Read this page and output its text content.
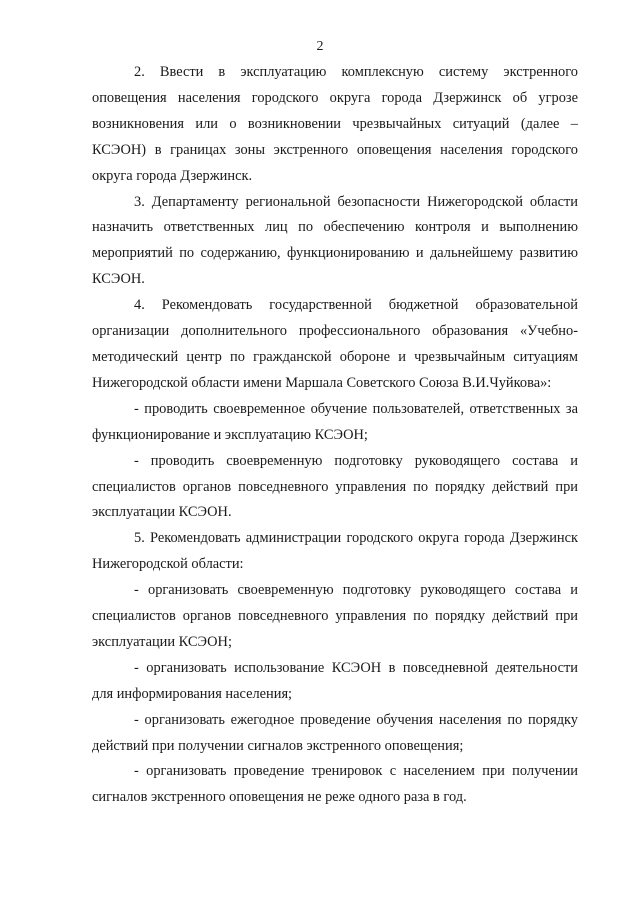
2

2. Ввести в эксплуатацию комплексную систему экстренного оповещения населения городского округа города Дзержинск об угрозе возникновения или о возникновении чрезвычайных ситуаций (далее – КСЭОН) в границах зоны экстренного оповещения населения городского округа города Дзержинск.

3. Департаменту региональной безопасности Нижегородской области назначить ответственных лиц по обеспечению контроля и выполнению мероприятий по содержанию, функционированию и дальнейшему развитию КСЭОН.

4. Рекомендовать государственной бюджетной образовательной организации дополнительного профессионального образования «Учебно-методический центр по гражданской обороне и чрезвычайным ситуациям Нижегородской области имени Маршала Советского Союза В.И.Чуйкова»:

- проводить своевременное обучение пользователей, ответственных за функционирование и эксплуатацию КСЭОН;

- проводить своевременную подготовку руководящего состава и специалистов органов повседневного управления по порядку действий при эксплуатации КСЭОН.

5. Рекомендовать администрации городского округа города Дзержинск Нижегородской области:

- организовать своевременную подготовку руководящего состава и специалистов органов повседневного управления по порядку действий при эксплуатации КСЭОН;

- организовать использование КСЭОН в повседневной деятельности для информирования населения;

- организовать ежегодное проведение обучения населения по порядку действий при получении сигналов экстренного оповещения;

- организовать проведение тренировок с населением при получении сигналов экстренного оповещения не реже одного раза в год.
